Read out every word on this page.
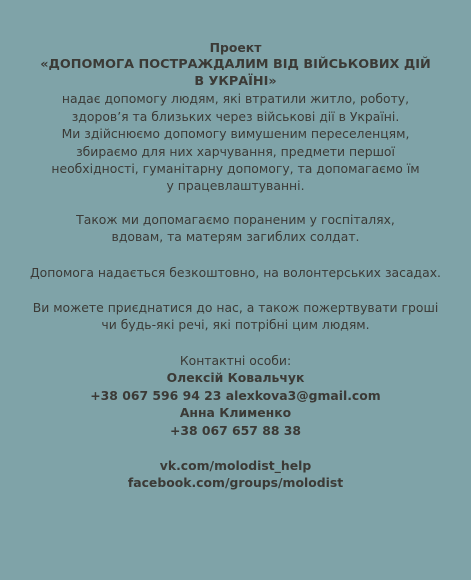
Проект
«ДОПОМОГА ПОСТРАЖДАЛИМ ВІД ВІЙСЬКОВИХ ДІЙ
В УКРАЇНІ»
надає допомогу людям, які втратили житло, роботу,
здоров’я та близьких через військові дії в Україні.
Ми здійснюємо допомогу вимушеним переселенцям,
збираємо для них харчування, предмети першої
необхідності, гуманітарну допомогу, та допомагаємо їм
у працевлаштуванні.
Також ми допомагаємо пораненим у госпіталях,
вдовам, та матерям загиблих солдат.
Допомога надається безкоштовно, на волонтерських засадах.
Ви можете приєднатися до нас, а також пожертвувати гроші
чи будь-які речі, які потрібні цим людям.
Контактні особи:
Олексій Ковальчук
+38 067 596 94 23 alexkova3@gmail.com
Анна Клименко
+38 067 657 88 38
vk.com/molodist_help
facebook.com/groups/molodist
